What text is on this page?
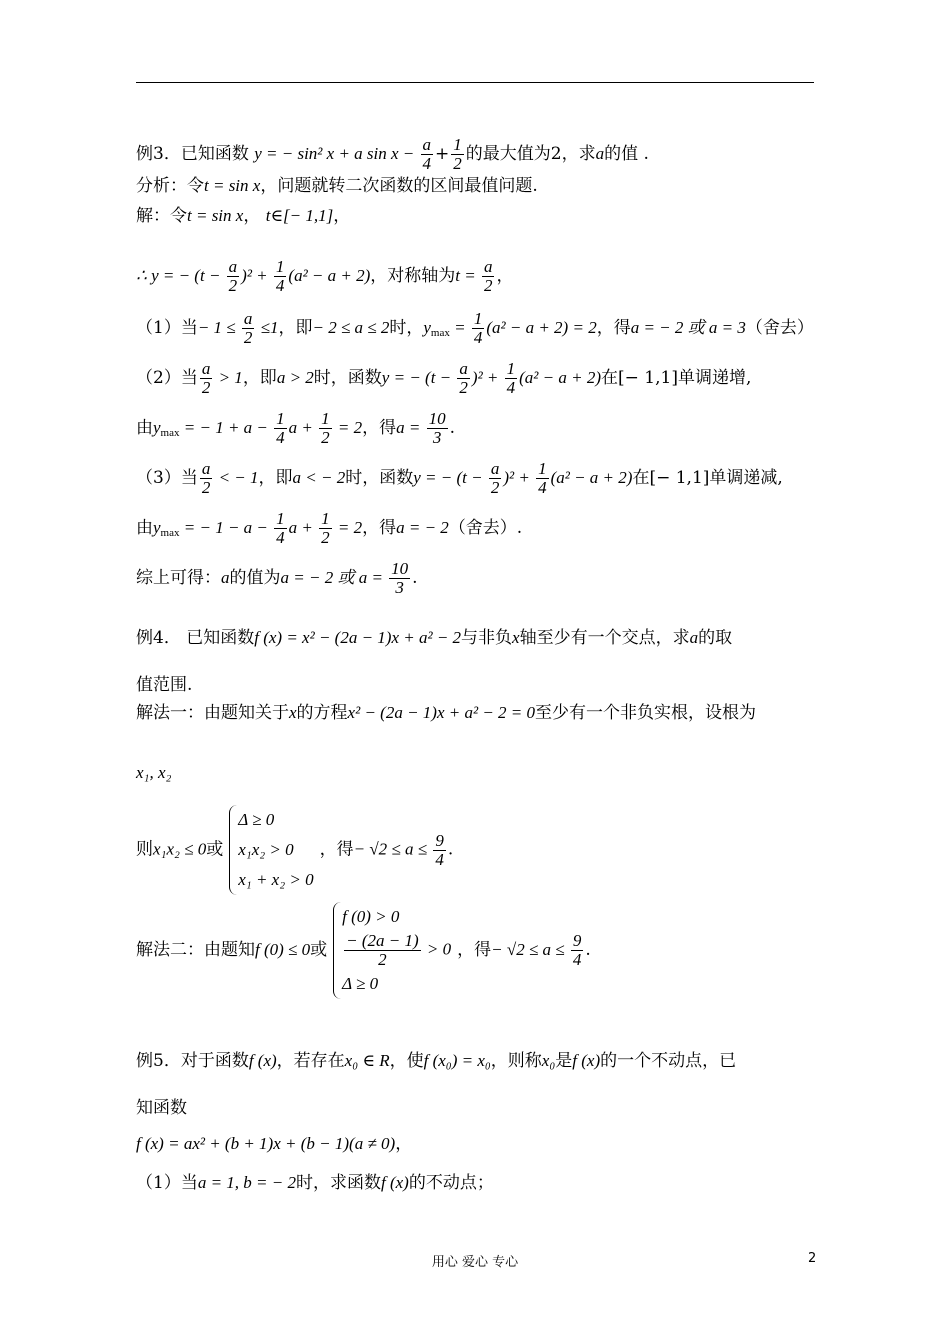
例3．已知函数 y = − sin² x + a $\sin x - \frac{a}{4} + \frac{1}{2}$ 的最大值为2，求a的值 .
分析：令t = sin x，问题就转二次函数的区间最值问题.
解：令t = sin x， t∈[− 1,1]，
∴ y = − $(t - \frac{a}{2} )^2 + \frac{1}{4} (a^2 - a + 2)$，对称轴为$t = \frac{a}{2}$ ，
（1）当− $1 \le \frac{a}{2} \le 1$，即− 2 ≤ a ≤ 2时，$y_{max} = \frac{1}{4} (a^2 - a + 2) = 2$，得a = − 2 或 a = 3（舍去）
（2）当 $\frac{a}{2} > 1$，即a > 2时，函数y = − $(t - \frac{a}{2} )^2 + \frac{1}{4} (a^2 - a + 2)$在[− 1,1]单调递增,
由$y_{max}$ = − $1 + a - \frac{1}{4}$ $a + \frac{1}{2} = 2$，得$a = \frac{10}{3}$ .
（3）当 $\frac{a}{2}$ < − 1，即a < − 2时，函数y = − $(t - \frac{a}{2} )^2 + \frac{1}{4} (a^2 - a + 2)$在[− 1,1]单调递减,
由$y_{max}$ = − $1 - a - \frac{1}{4}$ $a + \frac{1}{2} = 2$，得a = − 2（舍去）.
综上可得：a的值为a = − 2 或 $a = \frac{10}{3}$ .
例4． 已知函数f (x) = x² − (2a − 1)x + a² − 2与非负x轴至少有一个交点，求a的取
值范围.
解法一：由题知关于x的方程x² − (2a − 1)x + a² − 2 = 0至少有一个非负实根，设根为
x₁, x₂
则x₁x₂ ≤ 0或
Δ ≥ 0
x₁x₂ > 0
x₁ + x₂ > 0
，得− $√2 \le a \le \frac{9}{4}$ .
解法二：由题知f (0) ≤ 0或
f (0) > 0
$\frac{- (2a - 1)}{2} > 0$
Δ ≥ 0
，得− $√2 \le a \le \frac{9}{4}$ .
例5．对于函数f (x)，若存在x₀ ∈ R，使f (x₀) = x₀，则称x₀是f (x)的一个不动点，已
知函数
f (x) = ax² + (b + 1)x + (b − 1)(a ≠ 0)，
（1）当a = 1, b = − 2时，求函数f (x)的不动点；
用心 爱心 专心	2
